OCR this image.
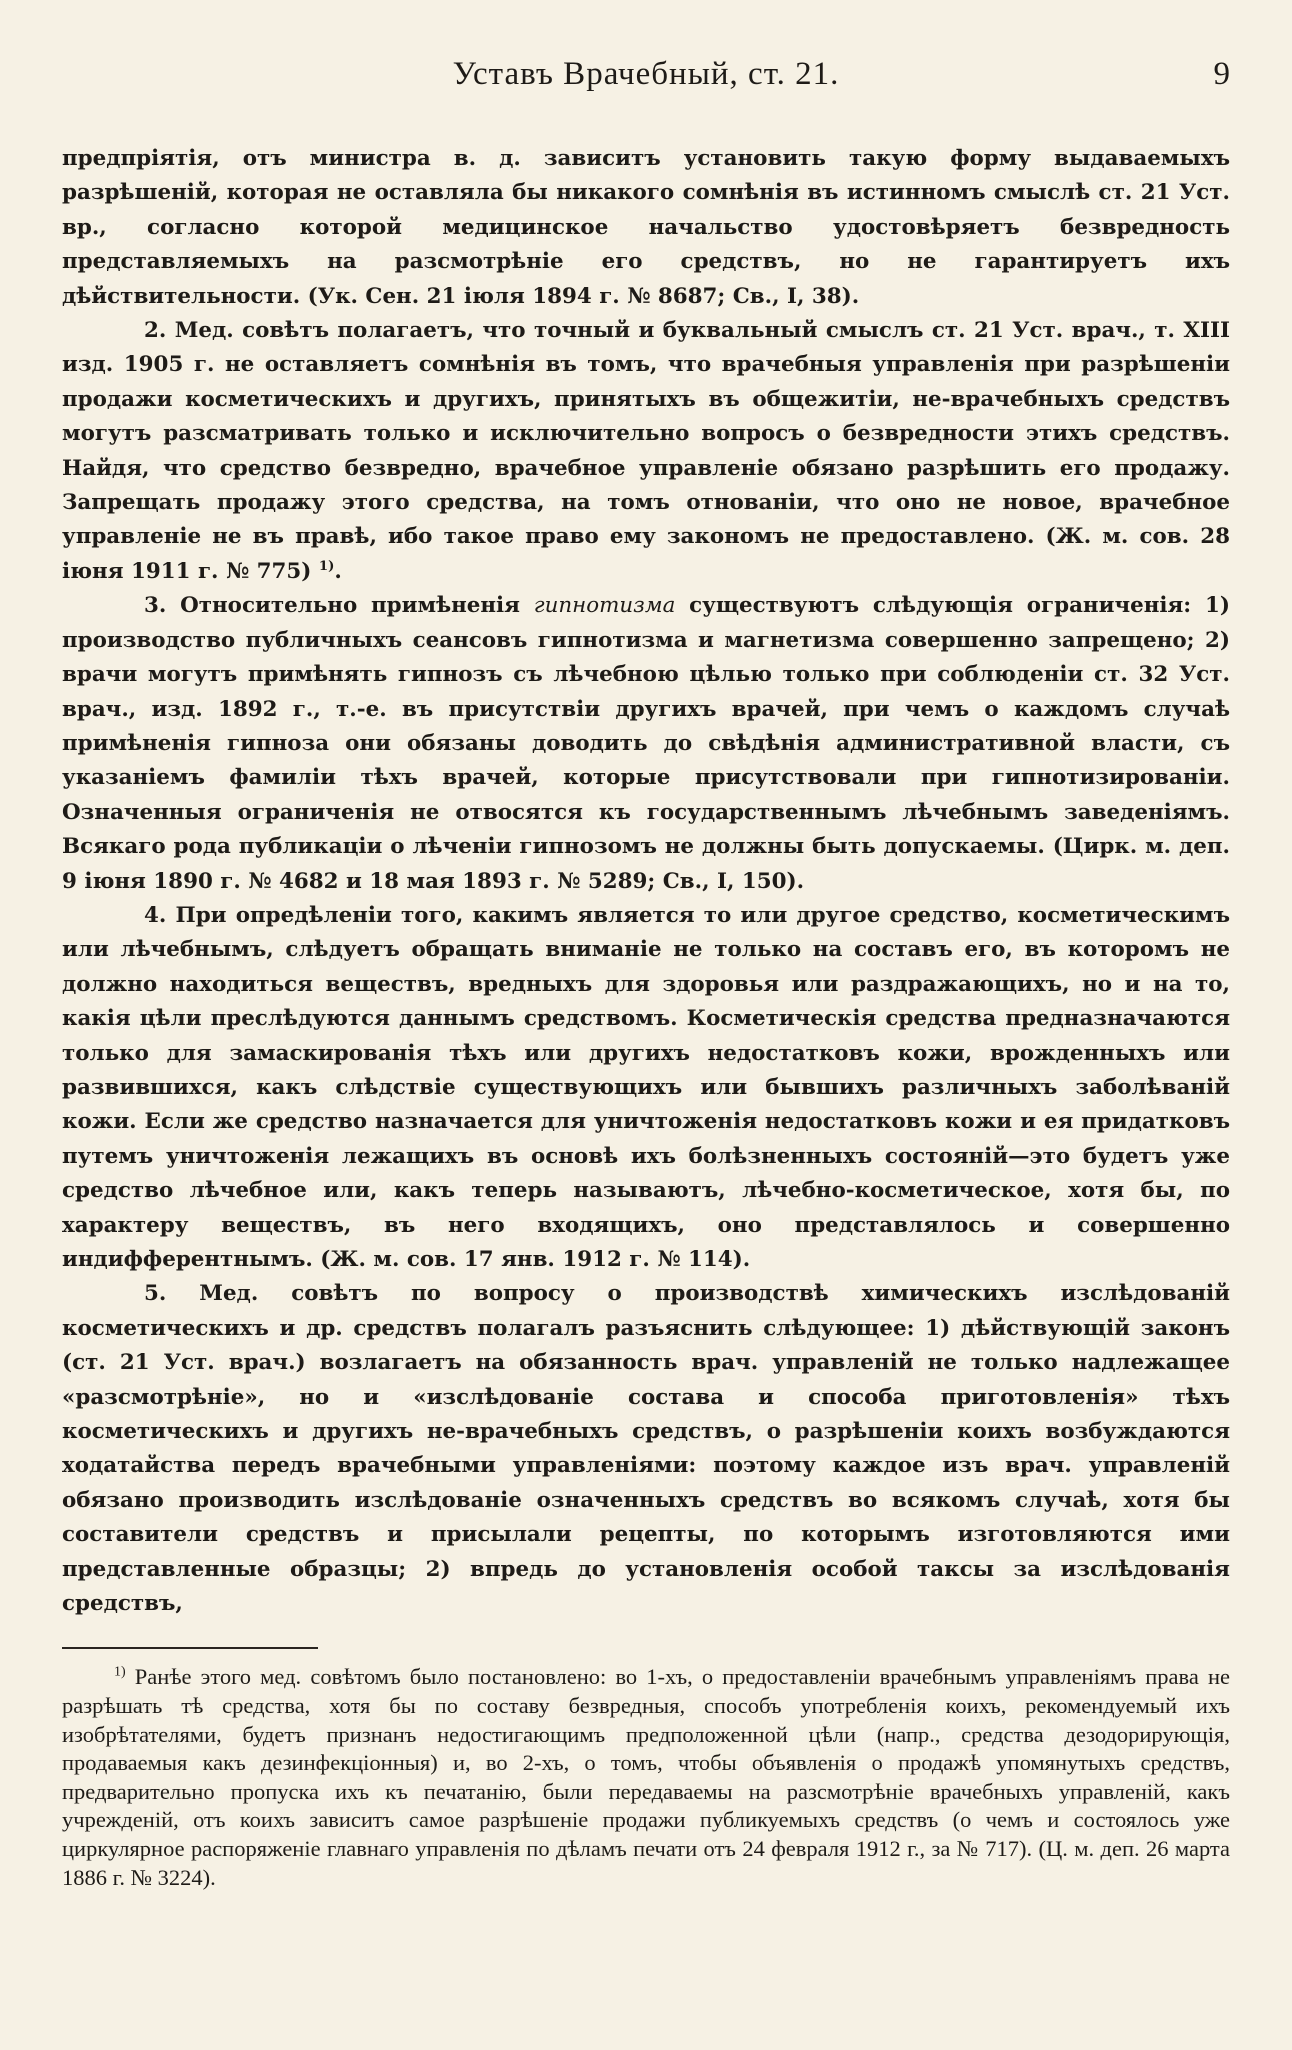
Уставъ Врачебный, ст. 21.	9

предпріятія, отъ министра в. д. зависитъ установить такую форму выдаваемыхъ разрѣшеній, которая не оставляла бы никакого сомнѣнія въ истинномъ смыслѣ ст. 21 Уст. вр., согласно которой медицинское начальство удостовѣряетъ безвредность представляемыхъ на разсмотрѣніе его средствъ, но не гарантируетъ ихъ дѣйствительности. (Ук. Сен. 21 іюля 1894 г. № 8687; Св., I, 38).

2. Мед. совѣтъ полагаетъ, что точный и буквальный смыслъ ст. 21 Уст. врач., т. XIII изд. 1905 г. не оставляетъ сомнѣнія въ томъ, что врачебныя управленія при разрѣшеніи продажи косметическихъ и другихъ, принятыхъ въ общежитіи, не-врачебныхъ средствъ могутъ разсматривать только и исключительно вопросъ о безвредности этихъ средствъ. Найдя, что средство безвредно, врачебное управленіе обязано разрѣшить его продажу. Запрещать продажу этого средства, на томъ отнованіи, что оно не новое, врачебное управленіе не въ правѣ, ибо такое право ему закономъ не предоставлено. (Ж. м. сов. 28 іюня 1911 г. № 775) $^{1)}$.

3. Относительно примѣненія гипнотизма существуютъ слѣдующія ограниченія: 1) производство публичныхъ сеансовъ гипнотизма и магнетизма совершенно запрещено; 2) врачи могутъ примѣнять гипнозъ съ лѣчебною цѣлью только при соблюденіи ст. 32 Уст. врач., изд. 1892 г., т.-е. въ присутствіи другихъ врачей, при чемъ о каждомъ случаѣ примѣненія гипноза они обязаны доводить до свѣдѣнія административной власти, съ указаніемъ фамиліи тѣхъ врачей, которые присутствовали при гипнотизированіи. Означенныя ограниченія не отвосятся къ государственнымъ лѣчебнымъ заведеніямъ. Всякаго рода публикаціи о лѣченіи гипнозомъ не должны быть допускаемы. (Цирк. м. деп. 9 іюня 1890 г. № 4682 и 18 мая 1893 г. № 5289; Св., I, 150).

4. При опредѣленіи того, какимъ является то или другое средство, косметическимъ или лѣчебнымъ, слѣдуетъ обращать вниманіе не только на составъ его, въ которомъ не должно находиться веществъ, вредныхъ для здоровья или раздражающихъ, но и на то, какія цѣли преслѣдуются даннымъ средствомъ. Косметическія средства предназначаются только для замаскированія тѣхъ или другихъ недостатковъ кожи, врожденныхъ или развившихся, какъ слѣдствіе существующихъ или бывшихъ различныхъ заболѣваній кожи. Если же средство назначается для уничтоженія недостатковъ кожи и ея придатковъ путемъ уничтоженія лежащихъ въ основѣ ихъ болѣзненныхъ состояній—это будетъ уже средство лѣчебное или, какъ теперь называютъ, лѣчебно-косметическое, хотя бы, по характеру веществъ, въ него входящихъ, оно представлялось и совершенно индифферентнымъ. (Ж. м. сов. 17 янв. 1912 г. № 114).

5. Мед. совѣтъ по вопросу о производствѣ химическихъ изслѣдованій косметическихъ и др. средствъ полагалъ разъяснить слѣдующее: 1) дѣйствующій законъ (ст. 21 Уст. врач.) возлагаетъ на обязанность врач. управленій не только надлежащее «разсмотрѣніе», но и «изслѣдованіе состава и способа приготовленія» тѣхъ косметическихъ и другихъ не-врачебныхъ средствъ, о разрѣшеніи коихъ возбуждаются ходатайства передъ врачебными управленіями: поэтому каждое изъ врач. управленій обязано производить изслѣдованіе означенныхъ средствъ во всякомъ случаѣ, хотя бы составители средствъ и присылали рецепты, по которымъ изготовляются ими представленные образцы; 2) впредь до установленія особой таксы за изслѣдованія средствъ,

$^{1)}$ Ранѣе этого мед. совѣтомъ было постановлено: во 1-хъ, о предоставленіи врачебнымъ управленіямъ права не разрѣшать тѣ средства, хотя бы по составу безвредныя, способъ употребленія коихъ, рекомендуемый ихъ изобрѣтателями, будетъ признанъ недостигающимъ предположенной цѣли (напр., средства дезодорирующія, продаваемыя какъ дезинфекціонныя) и, во 2-хъ, о томъ, чтобы объявленія о продажѣ упомянутыхъ средствъ, предварительно пропуска ихъ къ печатанію, были передаваемы на разсмотрѣніе врачебныхъ управленій, какъ учрежденій, отъ коихъ зависитъ самое разрѣшеніе продажи публикуемыхъ средствъ (о чемъ и состоялось уже циркулярное распоряженіе главнаго управленія по дѣламъ печати отъ 24 февраля 1912 г., за № 717). (Ц. м. деп. 26 марта 1886 г. № 3224).
